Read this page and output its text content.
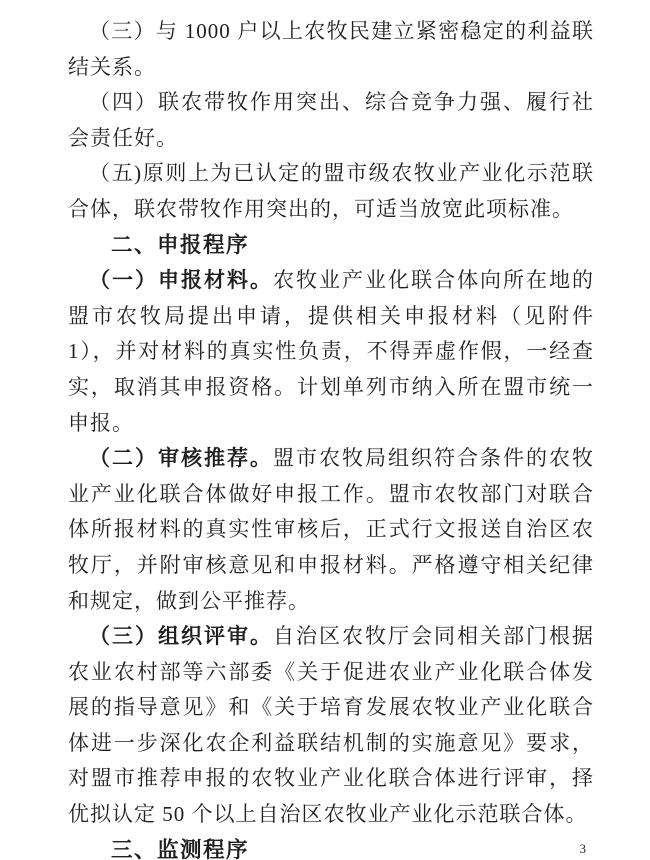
（三）与 1000 户以上农牧民建立紧密稳定的利益联结关系。

（四）联农带牧作用突出、综合竞争力强、履行社会责任好。

（五)原则上为已认定的盟市级农牧业产业化示范联合体，联农带牧作用突出的，可适当放宽此项标准。

二、申报程序

（一）申报材料。农牧业产业化联合体向所在地的盟市农牧局提出申请，提供相关申报材料（见附件 1），并对材料的真实性负责，不得弄虚作假，一经查实，取消其申报资格。计划单列市纳入所在盟市统一申报。

（二）审核推荐。盟市农牧局组织符合条件的农牧业产业化联合体做好申报工作。盟市农牧部门对联合体所报材料的真实性审核后，正式行文报送自治区农牧厅，并附审核意见和申报材料。严格遵守相关纪律和规定，做到公平推荐。

（三）组织评审。自治区农牧厅会同相关部门根据农业农村部等六部委《关于促进农业产业化联合体发展的指导意见》和《关于培育发展农牧业产业化联合体进一步深化农企利益联结机制的实施意见》要求，对盟市推荐申报的农牧业产业化联合体进行评审，择优拟认定 50 个以上自治区农牧业产业化示范联合体。

三、监测程序	3
